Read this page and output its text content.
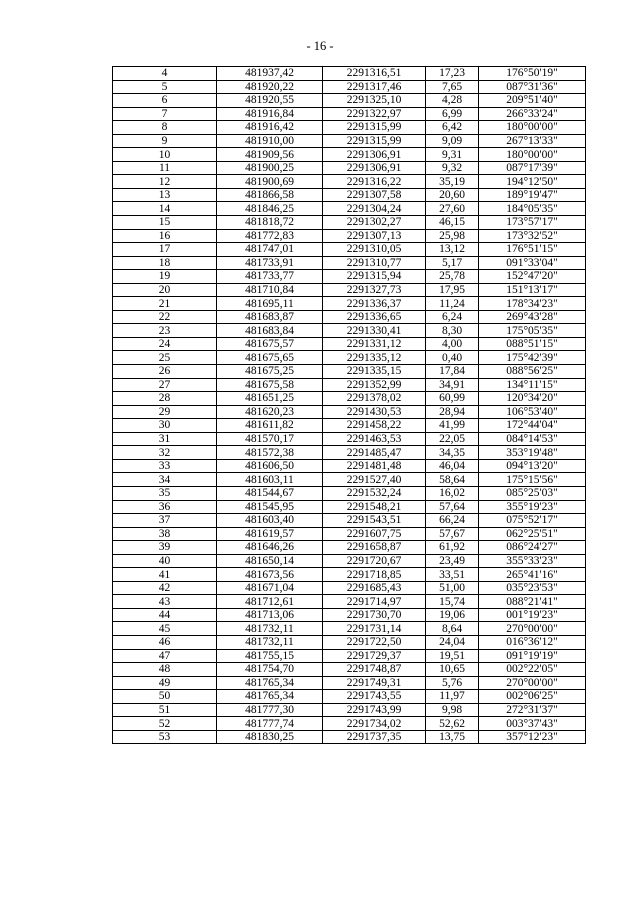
- 16 -
4	481937,42	2291316,51	17,23	176°50'19"
5	481920,22	2291317,46	7,65	087°31'36"
6	481920,55	2291325,10	4,28	209°51'40"
7	481916,84	2291322,97	6,99	266°33'24"
8	481916,42	2291315,99	6,42	180°00'00"
9	481910,00	2291315,99	9,09	267°13'33"
10	481909,56	2291306,91	9,31	180°00'00"
11	481900,25	2291306,91	9,32	087°17'39"
12	481900,69	2291316,22	35,19	194°12'50"
13	481866,58	2291307,58	20,60	189°19'47"
14	481846,25	2291304,24	27,60	184°05'35"
15	481818,72	2291302,27	46,15	173°57'17"
16	481772,83	2291307,13	25,98	173°32'52"
17	481747,01	2291310,05	13,12	176°51'15"
18	481733,91	2291310,77	5,17	091°33'04"
19	481733,77	2291315,94	25,78	152°47'20"
20	481710,84	2291327,73	17,95	151°13'17"
21	481695,11	2291336,37	11,24	178°34'23"
22	481683,87	2291336,65	6,24	269°43'28"
23	481683,84	2291330,41	8,30	175°05'35"
24	481675,57	2291331,12	4,00	088°51'15"
25	481675,65	2291335,12	0,40	175°42'39"
26	481675,25	2291335,15	17,84	088°56'25"
27	481675,58	2291352,99	34,91	134°11'15"
28	481651,25	2291378,02	60,99	120°34'20"
29	481620,23	2291430,53	28,94	106°53'40"
30	481611,82	2291458,22	41,99	172°44'04"
31	481570,17	2291463,53	22,05	084°14'53"
32	481572,38	2291485,47	34,35	353°19'48"
33	481606,50	2291481,48	46,04	094°13'20"
34	481603,11	2291527,40	58,64	175°15'56"
35	481544,67	2291532,24	16,02	085°25'03"
36	481545,95	2291548,21	57,64	355°19'23"
37	481603,40	2291543,51	66,24	075°52'17"
38	481619,57	2291607,75	57,67	062°25'51"
39	481646,26	2291658,87	61,92	086°24'27"
40	481650,14	2291720,67	23,49	355°33'23"
41	481673,56	2291718,85	33,51	265°41'16"
42	481671,04	2291685,43	51,00	035°23'53"
43	481712,61	2291714,97	15,74	088°21'41"
44	481713,06	2291730,70	19,06	001°19'23"
45	481732,11	2291731,14	8,64	270°00'00"
46	481732,11	2291722,50	24,04	016°36'12"
47	481755,15	2291729,37	19,51	091°19'19"
48	481754,70	2291748,87	10,65	002°22'05"
49	481765,34	2291749,31	5,76	270°00'00"
50	481765,34	2291743,55	11,97	002°06'25"
51	481777,30	2291743,99	9,98	272°31'37"
52	481777,74	2291734,02	52,62	003°37'43"
53	481830,25	2291737,35	13,75	357°12'23"
